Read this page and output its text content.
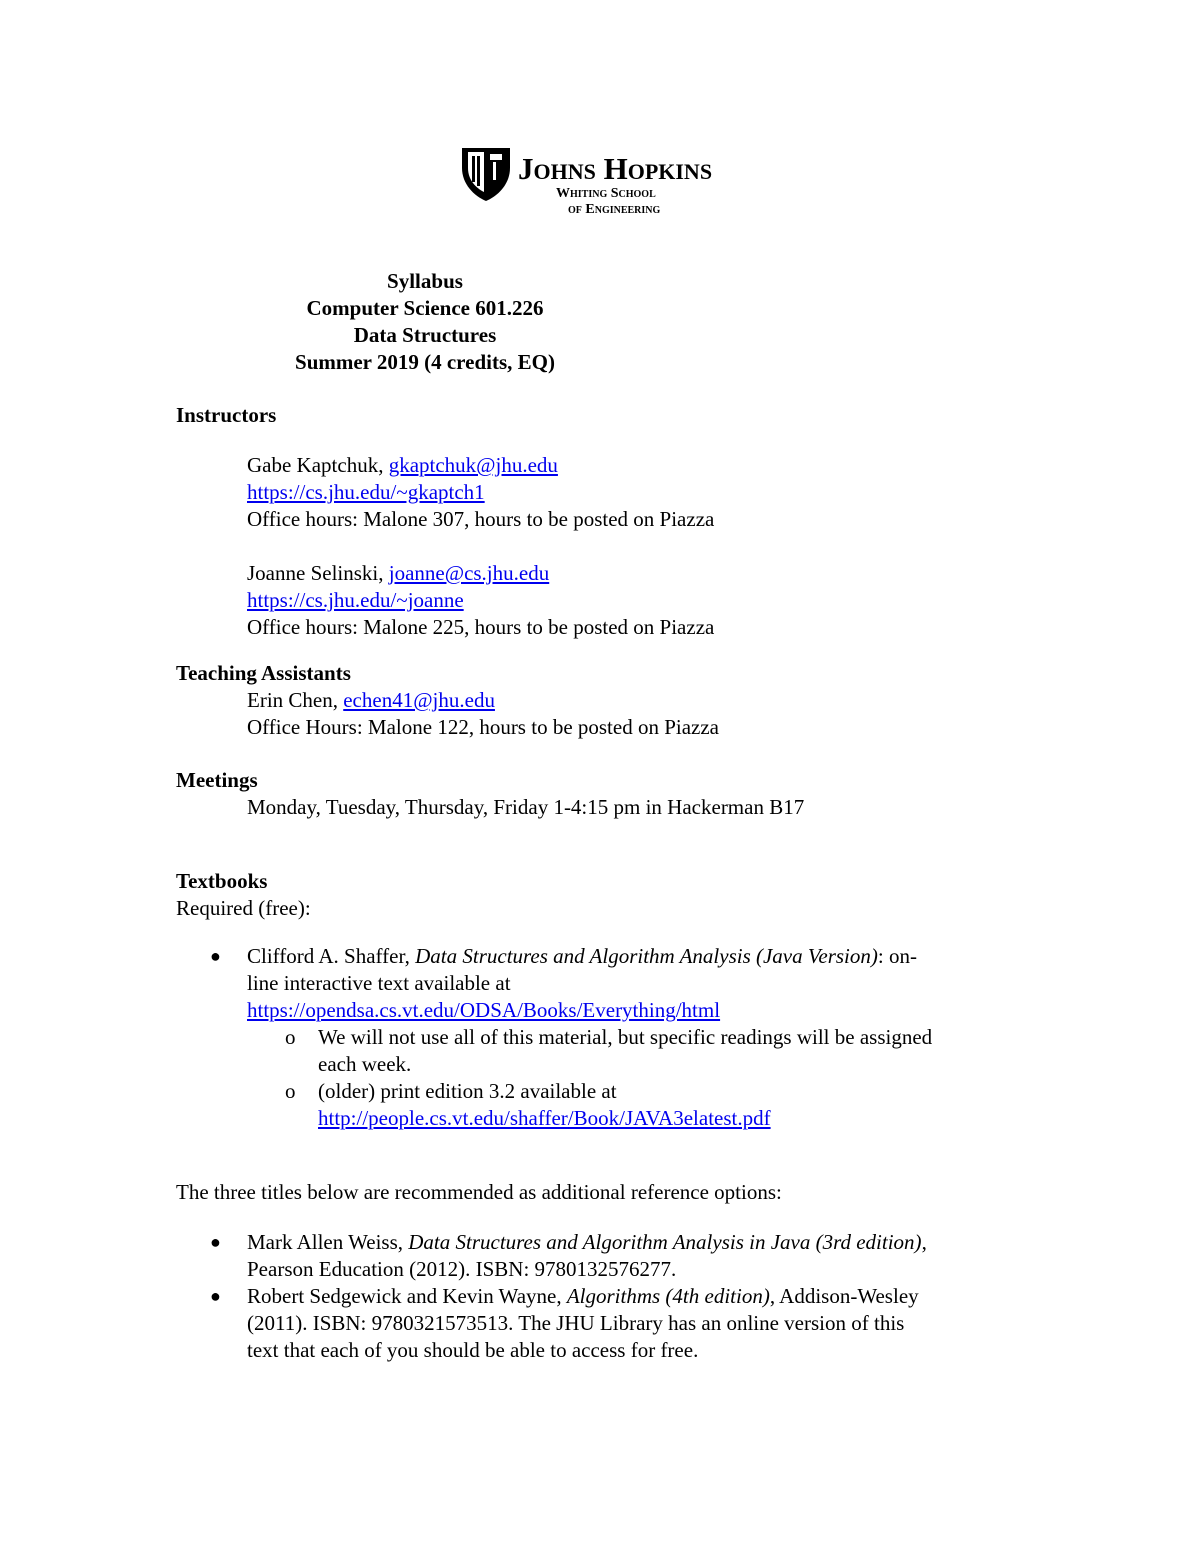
Johns Hopkins
Whiting School
of Engineering
Syllabus
Computer Science 601.226
Data Structures
Summer 2019 (4 credits, EQ)
Instructors
Gabe Kaptchuk, gkaptchuk@jhu.edu
https://cs.jhu.edu/~gkaptch1
Office hours: Malone 307, hours to be posted on Piazza
Joanne Selinski, joanne@cs.jhu.edu
https://cs.jhu.edu/~joanne
Office hours: Malone 225, hours to be posted on Piazza
Teaching Assistants
Erin Chen, echen41@jhu.edu
Office Hours: Malone 122, hours to be posted on Piazza
Meetings
Monday, Tuesday, Thursday, Friday 1-4:15 pm in Hackerman B17
Textbooks
Required (free):
● Clifford A. Shaffer, Data Structures and Algorithm Analysis (Java Version): on-
line interactive text available at
https://opendsa.cs.vt.edu/ODSA/Books/Everything/html
o We will not use all of this material, but specific readings will be assigned
each week.
o (older) print edition 3.2 available at
http://people.cs.vt.edu/shaffer/Book/JAVA3elatest.pdf
The three titles below are recommended as additional reference options:
● Mark Allen Weiss, Data Structures and Algorithm Analysis in Java (3rd edition),
Pearson Education (2012). ISBN: 9780132576277.
● Robert Sedgewick and Kevin Wayne, Algorithms (4th edition), Addison-Wesley
(2011). ISBN: 9780321573513. The JHU Library has an online version of this
text that each of you should be able to access for free.
